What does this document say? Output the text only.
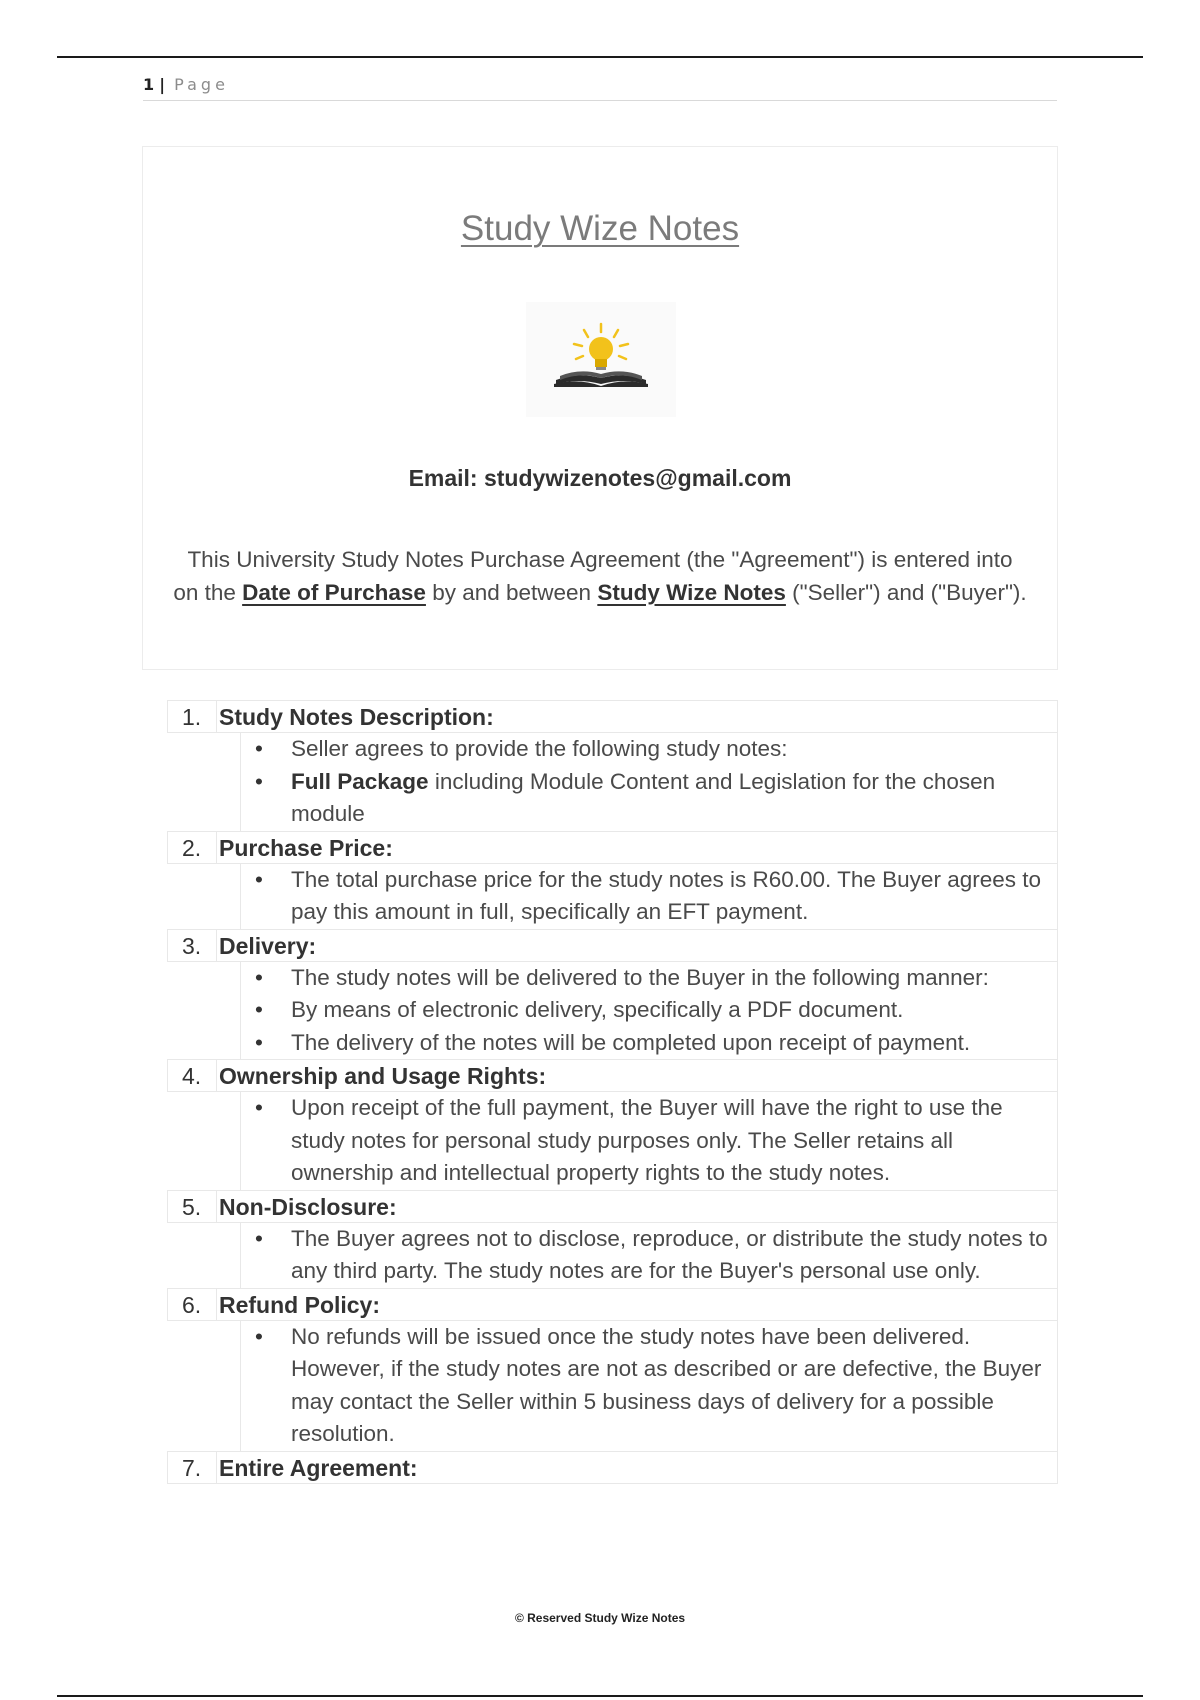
1 | Page
Study Wize Notes
Email: studywizenotes@gmail.com
This University Study Notes Purchase Agreement (the "Agreement") is entered into
on the Date of Purchase by and between Study Wize Notes ("Seller") and ("Buyer").
1. Study Notes Description:
• Seller agrees to provide the following study notes:
• Full Package including Module Content and Legislation for the chosen module
2. Purchase Price:
• The total purchase price for the study notes is R60.00. The Buyer agrees to pay this amount in full, specifically an EFT payment.
3. Delivery:
• The study notes will be delivered to the Buyer in the following manner:
• By means of electronic delivery, specifically a PDF document.
• The delivery of the notes will be completed upon receipt of payment.
4. Ownership and Usage Rights:
• Upon receipt of the full payment, the Buyer will have the right to use the study notes for personal study purposes only. The Seller retains all ownership and intellectual property rights to the study notes.
5. Non-Disclosure:
• The Buyer agrees not to disclose, reproduce, or distribute the study notes to any third party. The study notes are for the Buyer's personal use only.
6. Refund Policy:
• No refunds will be issued once the study notes have been delivered. However, if the study notes are not as described or are defective, the Buyer may contact the Seller within 5 business days of delivery for a possible resolution.
7. Entire Agreement:
© Reserved Study Wize Notes
